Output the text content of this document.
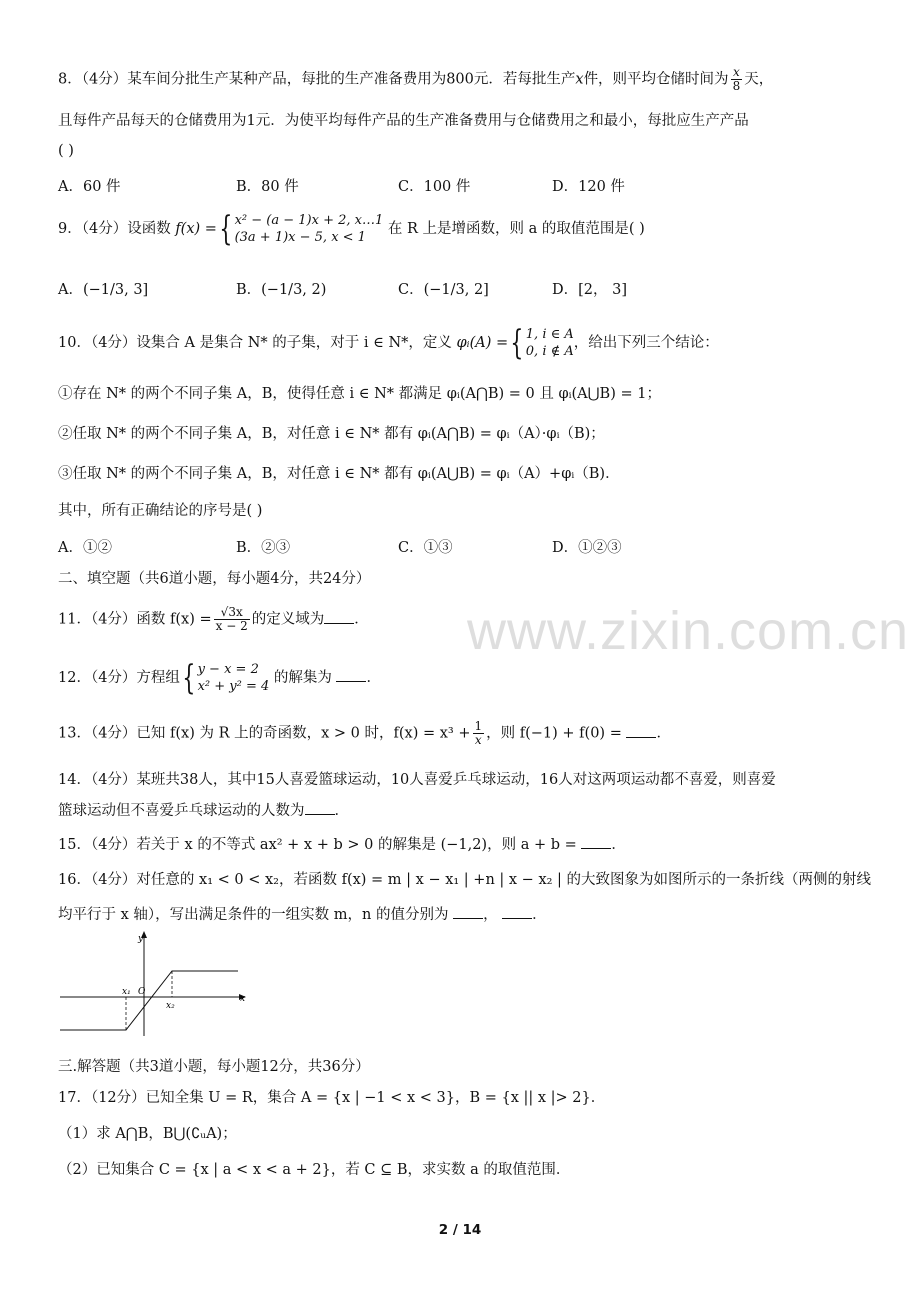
www.zixin.com.cn
8．（4分）某车间分批生产某种产品，每批的生产准备费用为800元．若每批生产x件，则平均仓储时间为 $\frac{x}{8}$ 天，
且每件产品每天的仓储费用为1元．为使平均每件产品的生产准备费用与仓储费用之和最小，每批应生产产品
( )
A．60 件	B．80 件	C．100 件	D．120 件
9．（4分）设函数 f(x) ={ x² − (a − 1)x + 2, x…1
(3a + 1)x − 5, x < 1
在 R 上是增函数，则 a 的取值范围是( )
A．(−1/3, 3]	B．(−1/3, 2)	C．(−1/3, 2]	D．[2， 3]
10．（4分）设集合 A 是集合 N* 的子集，对于 i ∈ N*，定义 φᵢ(A) ={ 1, i ∈ A
0, i ∉ A
，给出下列三个结论：
①存在 N* 的两个不同子集 A，B，使得任意 i ∈ N* 都满足 φᵢ(A⋂B) = 0 且 φᵢ(A⋃B) = 1；
②任取 N* 的两个不同子集 A，B，对任意 i ∈ N* 都有 φᵢ(A⋂B) = φᵢ（A）·φᵢ（B)；
③任取 N* 的两个不同子集 A，B，对任意 i ∈ N* 都有 φᵢ(A⋃B) = φᵢ（A）+φᵢ（B)．
其中，所有正确结论的序号是( )
A．①②	B．②③	C．①③	D．①②③
二、填空题（共6道小题，每小题4分，共24分）
11．（4分）函数 $f(x) = \frac{√3x}{x - 2}$ 的定义域为 ．
12．（4分）方程组{ y − x = 2
x² + y² = 4
的解集为 ．
13．（4分）已知 f(x) 为 R 上的奇函数，x > 0 时，$f(x) = x^3 + \frac{1}{x}$ ，则 f(−1) + f(0) = ．
14．（4分）某班共38人，其中15人喜爱篮球运动，10人喜爱乒乓球运动，16人对这两项运动都不喜爱，则喜爱
篮球运动但不喜爱乒乓球运动的人数为 ．
15．（4分）若关于 x 的不等式 ax² + x + b > 0 的解集是 (−1,2)，则 a + b = ．
16．（4分）对任意的 x₁ < 0 < x₂，若函数 f(x) = m | x − x₁ | +n | x − x₂ | 的大致图象为如图所示的一条折线（两侧的射线
均平行于 x 轴），写出满足条件的一组实数 m，n 的值分别为 ， ．
y
x
x₁ O
x₂
三.解答题（共3道小题，每小题12分，共36分）
17．（12分）已知全集 U = R，集合 A = {x | −1 < x < 3}，B = {x || x |> 2}．
（1）求 A⋂B，B⋃(∁ᵤA)；
（2）已知集合 C = {x | a < x < a + 2}，若 C ⊆ B，求实数 a 的取值范围．
2 / 14
